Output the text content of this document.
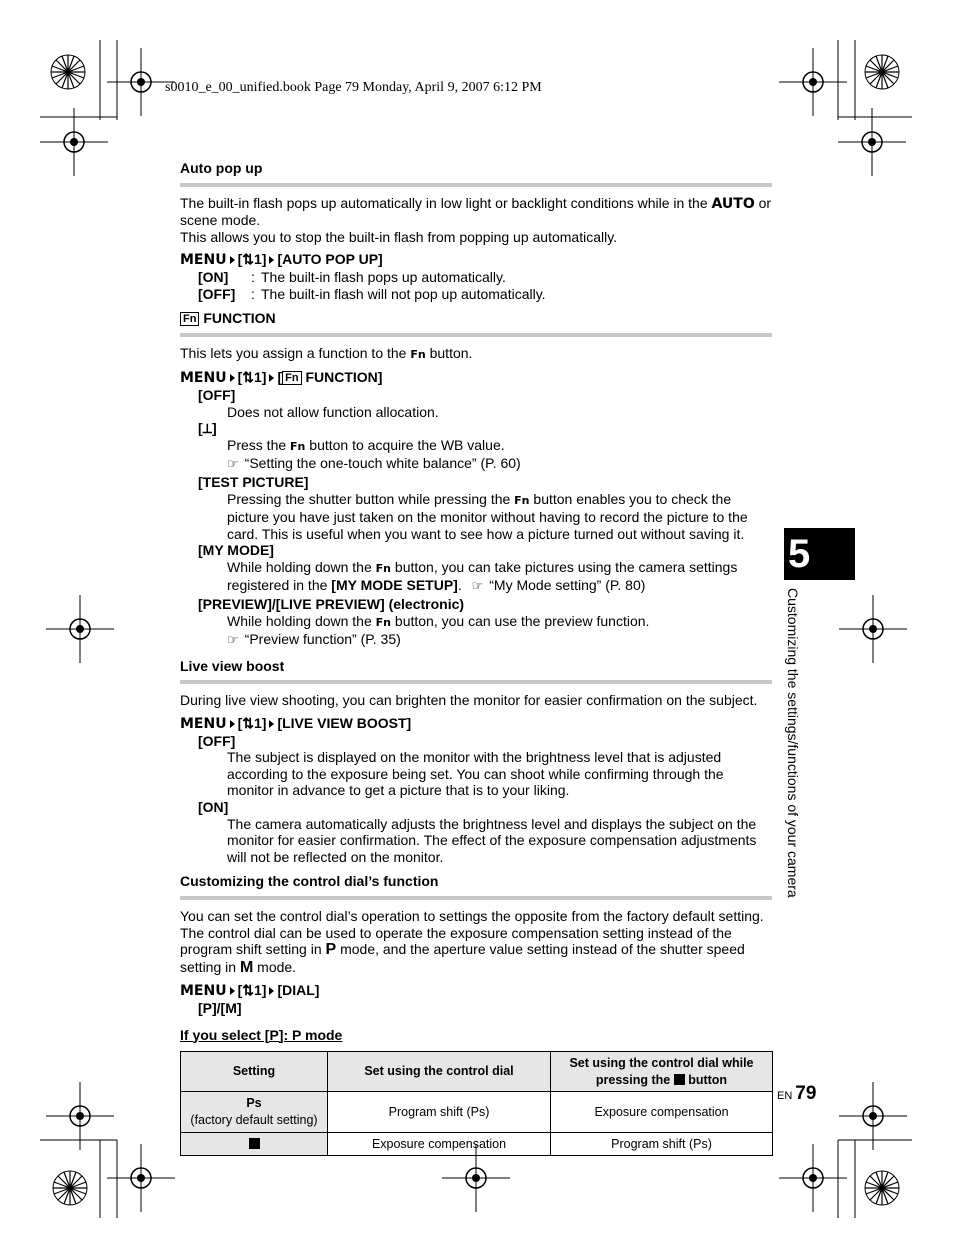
s0010_e_00_unified.book Page 79 Monday, April 9, 2007 6:12 PM
Auto pop up

The built-in flash pops up automatically in low light or backlight conditions while in the AUTO or scene mode.

This allows you to stop the built-in flash from popping up automatically.

MENU [⇅1] [AUTO POP UP]
[ON]	: The built-in flash pops up automatically.
[OFF]	: The built-in flash will not pop up automatically.
Fn FUNCTION

This lets you assign a function to the Fn button.

MENU [⇅1] [ Fn FUNCTION]
[OFF]
Does not allow function allocation.
[⟂]
Press the Fn button to acquire the WB value.
☞ “Setting the one-touch white balance” (P. 60)
[TEST PICTURE]
Pressing the shutter button while pressing the Fn button enables you to check the picture you have just taken on the monitor without having to record the picture to the card. This is useful when you want to see how a picture turned out without saving it.
[MY MODE]
While holding down the Fn button, you can take pictures using the camera settings registered in the [MY MODE SETUP]. ☞ “My Mode setting” (P. 80)
[PREVIEW]/[LIVE PREVIEW] (electronic)
While holding down the Fn button, you can use the preview function.
☞ “Preview function” (P. 35)
Live view boost

During live view shooting, you can brighten the monitor for easier confirmation on the subject.

MENU [⇅1] [LIVE VIEW BOOST]
[OFF]
The subject is displayed on the monitor with the brightness level that is adjusted according to the exposure being set. You can shoot while confirming through the monitor in advance to get a picture that is to your liking.
[ON]
The camera automatically adjusts the brightness level and displays the subject on the monitor for easier confirmation. The effect of the exposure compensation adjustments will not be reflected on the monitor.
Customizing the control dial’s function

You can set the control dial’s operation to settings the opposite from the factory default setting. The control dial can be used to operate the exposure compensation setting instead of the program shift setting in P mode, and the aperture value setting instead of the shutter speed setting in M mode.

MENU [⇅1] [DIAL]
[P]/[M]
If you select [P]: P mode
Setting	Set using the control dial	Set using the control dial while pressing the button

Ps
(factory default setting)	Program shift (Ps)	Exposure compensation
	Exposure compensation	Program shift (Ps)
5
Customizing the settings/functions of your camera
EN 79
